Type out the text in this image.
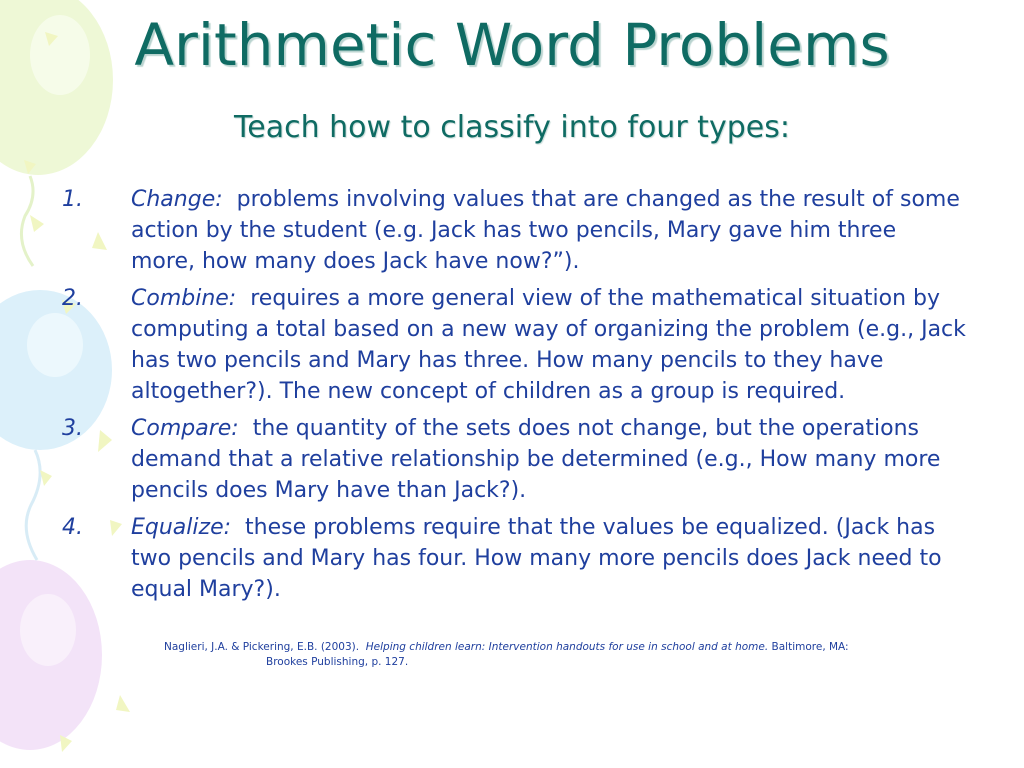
Arithmetic Word Problems
Teach how to classify into four types:
1.	Change: problems involving values that are changed as the result of some action by the student (e.g. Jack has two pencils, Mary gave him three more, how many does Jack have now?”).
2.	Combine: requires a more general view of the mathematical situation by computing a total based on a new way of organizing the problem (e.g., Jack has two pencils and Mary has three. How many pencils to they have altogether?). The new concept of children as a group is required.
3.	Compare: the quantity of the sets does not change, but the operations demand that a relative relationship be determined (e.g., How many more pencils does Mary have than Jack?).
4.	Equalize: these problems require that the values be equalized. (Jack has two pencils and Mary has four. How many more pencils does Jack need to equal Mary?).
Naglieri, J.A. & Pickering, E.B. (2003). Helping children learn: Intervention handouts for use in school and at home. Baltimore, MA:
Brookes Publishing, p. 127.
